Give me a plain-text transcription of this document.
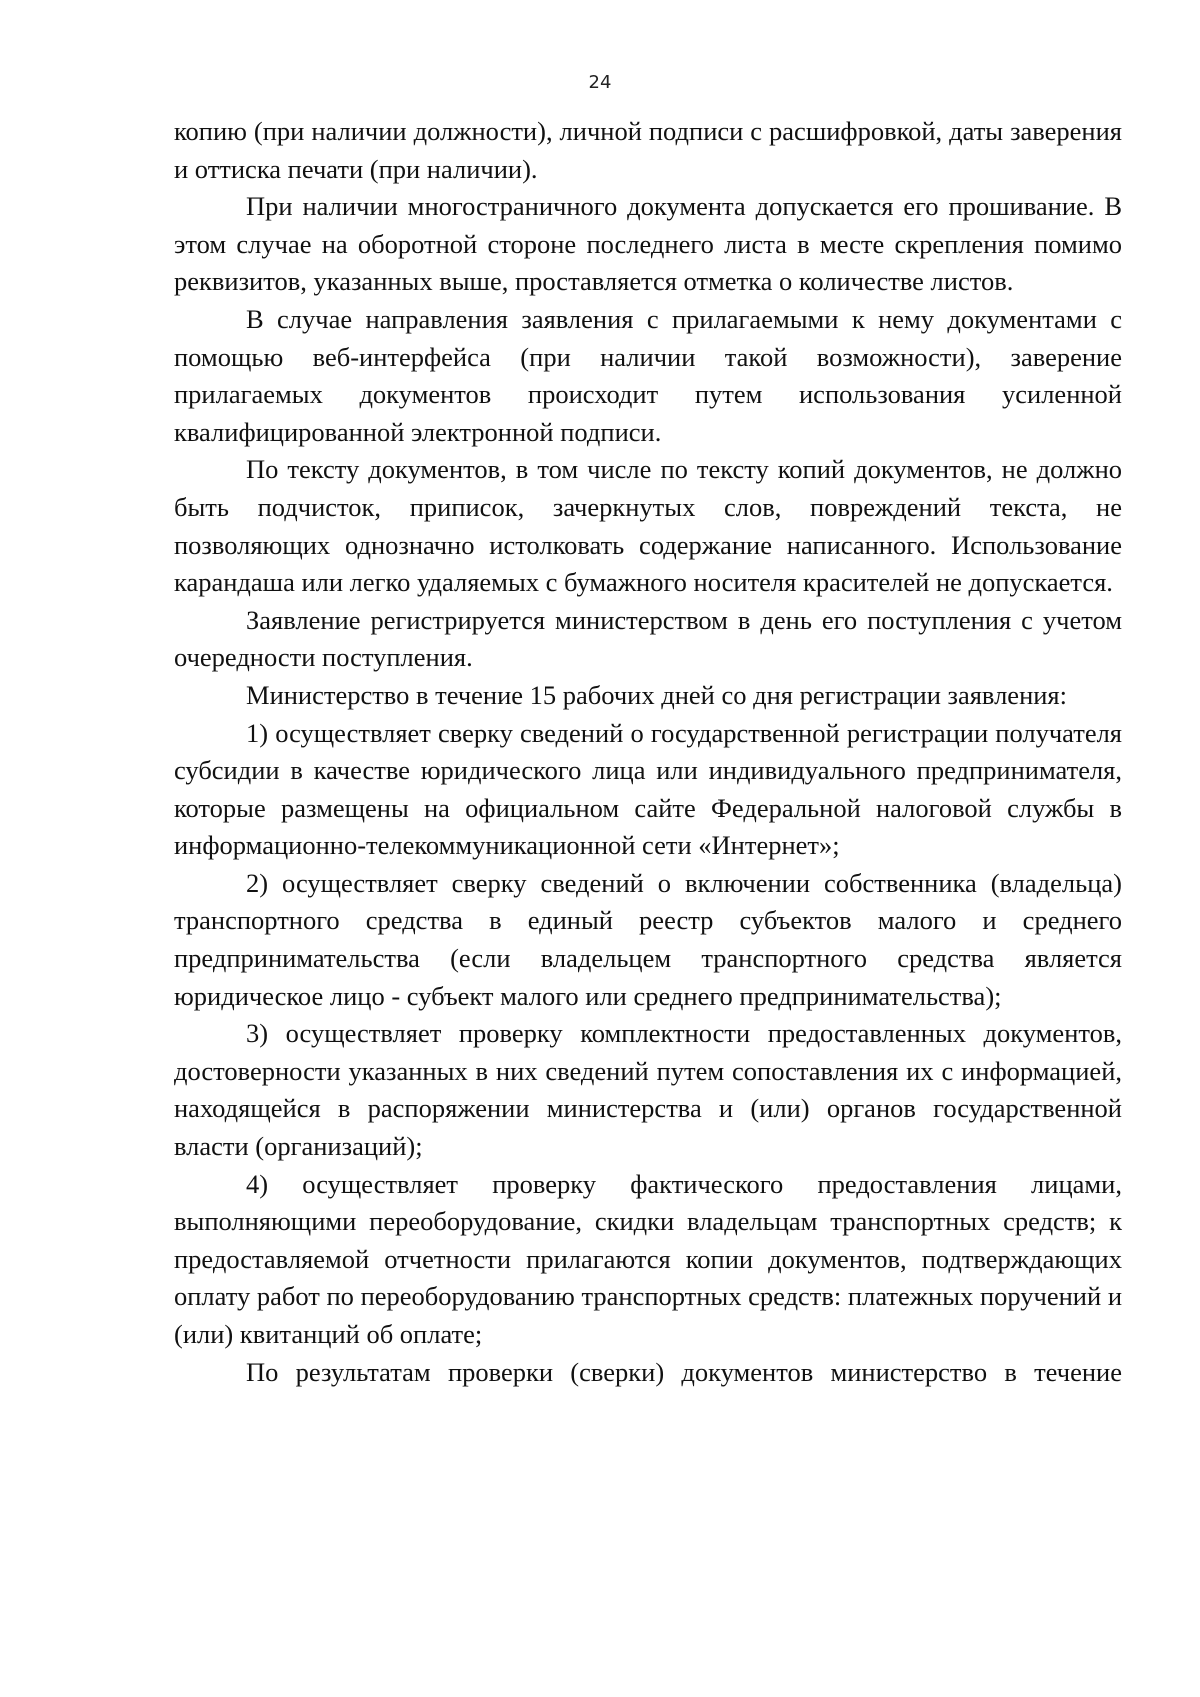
24

копию (при наличии должности), личной подписи с расшифровкой, даты заверения и оттиска печати (при наличии).

При наличии многостраничного документа допускается его прошивание. В этом случае на оборотной стороне последнего листа в месте скрепления помимо реквизитов, указанных выше, проставляется отметка о количестве листов.

В случае направления заявления с прилагаемыми к нему документами с помощью веб-интерфейса (при наличии такой возможности), заверение прилагаемых документов происходит путем использования усиленной квалифицированной электронной подписи.

По тексту документов, в том числе по тексту копий документов, не должно быть подчисток, приписок, зачеркнутых слов, повреждений текста, не позволяющих однозначно истолковать содержание написанного. Использование карандаша или легко удаляемых с бумажного носителя красителей не допускается.

Заявление регистрируется министерством в день его поступления с учетом очередности поступления.

Министерство в течение 15 рабочих дней со дня регистрации заявления:

1) осуществляет сверку сведений о государственной регистрации получателя субсидии в качестве юридического лица или индивидуального предпринимателя, которые размещены на официальном сайте Федеральной налоговой службы в информационно-телекоммуникационной сети «Интернет»;

2) осуществляет сверку сведений о включении собственника (владельца) транспортного средства в единый реестр субъектов малого и среднего предпринимательства (если владельцем транспортного средства является юридическое лицо - субъект малого или среднего предпринимательства);

3) осуществляет проверку комплектности предоставленных документов, достоверности указанных в них сведений путем сопоставления их с информацией, находящейся в распоряжении министерства и (или) органов государственной власти (организаций);

4) осуществляет проверку фактического предоставления лицами, выполняющими переоборудование, скидки владельцам транспортных средств; к предоставляемой отчетности прилагаются копии документов, подтверждающих оплату работ по переоборудованию транспортных средств: платежных поручений и (или) квитанций об оплате;

По результатам проверки (сверки) документов министерство в течение
